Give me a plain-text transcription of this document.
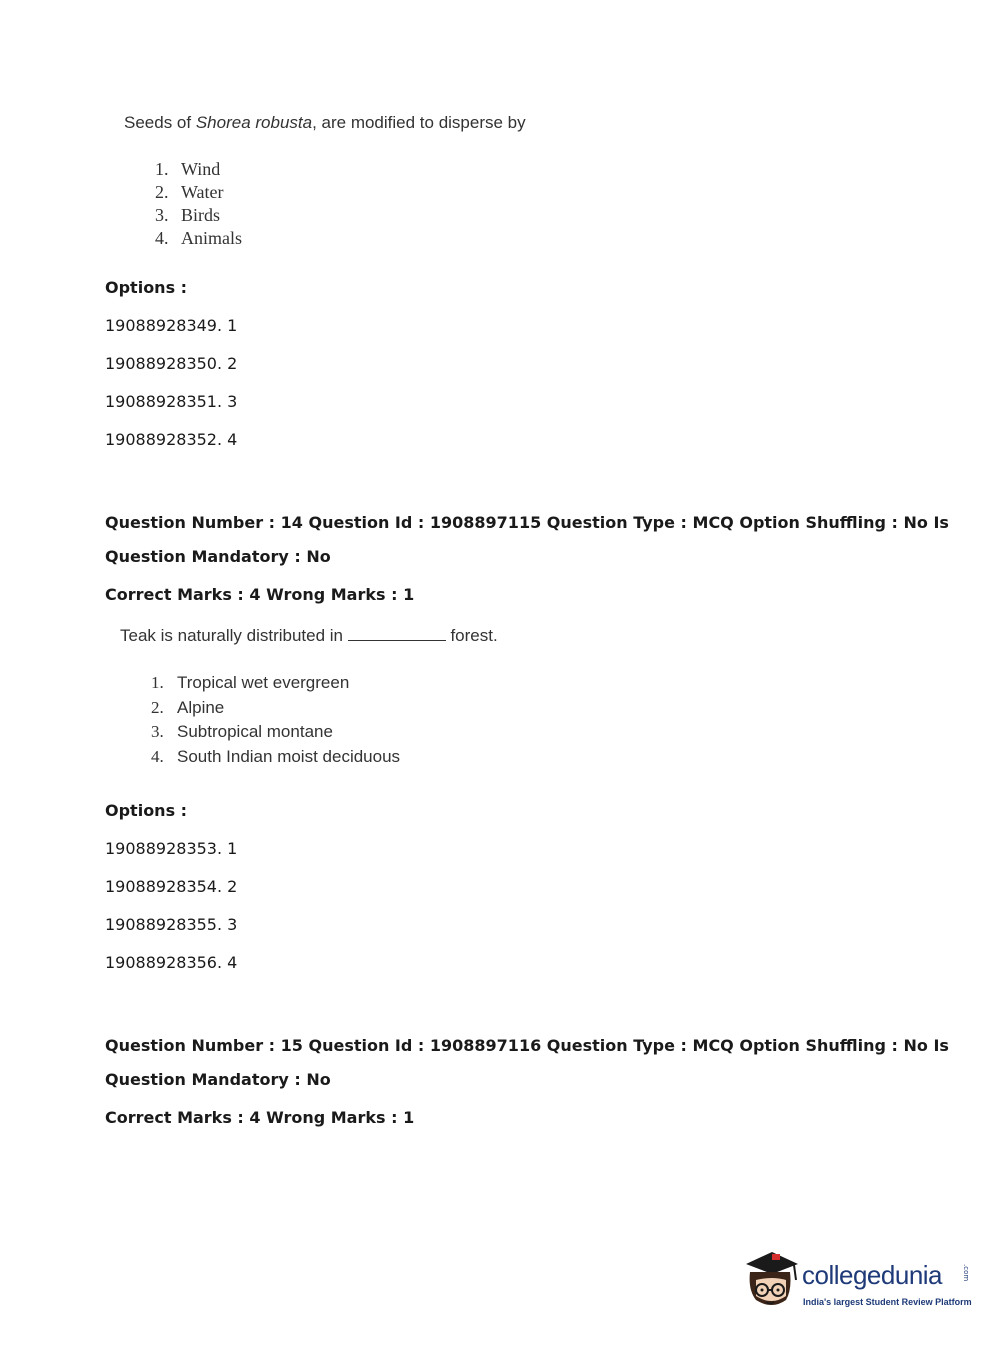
Seeds of Shorea robusta, are modified to disperse by
1. Wind
2. Water
3. Birds
4. Animals
Options :
19088928349. 1
19088928350. 2
19088928351. 3
19088928352. 4
Question Number : 14 Question Id : 1908897115 Question Type : MCQ Option Shuffling : No Is
Question Mandatory : No
Correct Marks : 4 Wrong Marks : 1
Teak is naturally distributed in	forest.
1. Tropical wet evergreen
2. Alpine
3. Subtropical montane
4. South Indian moist deciduous
Options :
19088928353. 1
19088928354. 2
19088928355. 3
19088928356. 4
Question Number : 15 Question Id : 1908897116 Question Type : MCQ Option Shuffling : No Is
Question Mandatory : No
Correct Marks : 4 Wrong Marks : 1
collegedunia	.com
India's largest Student Review Platform
